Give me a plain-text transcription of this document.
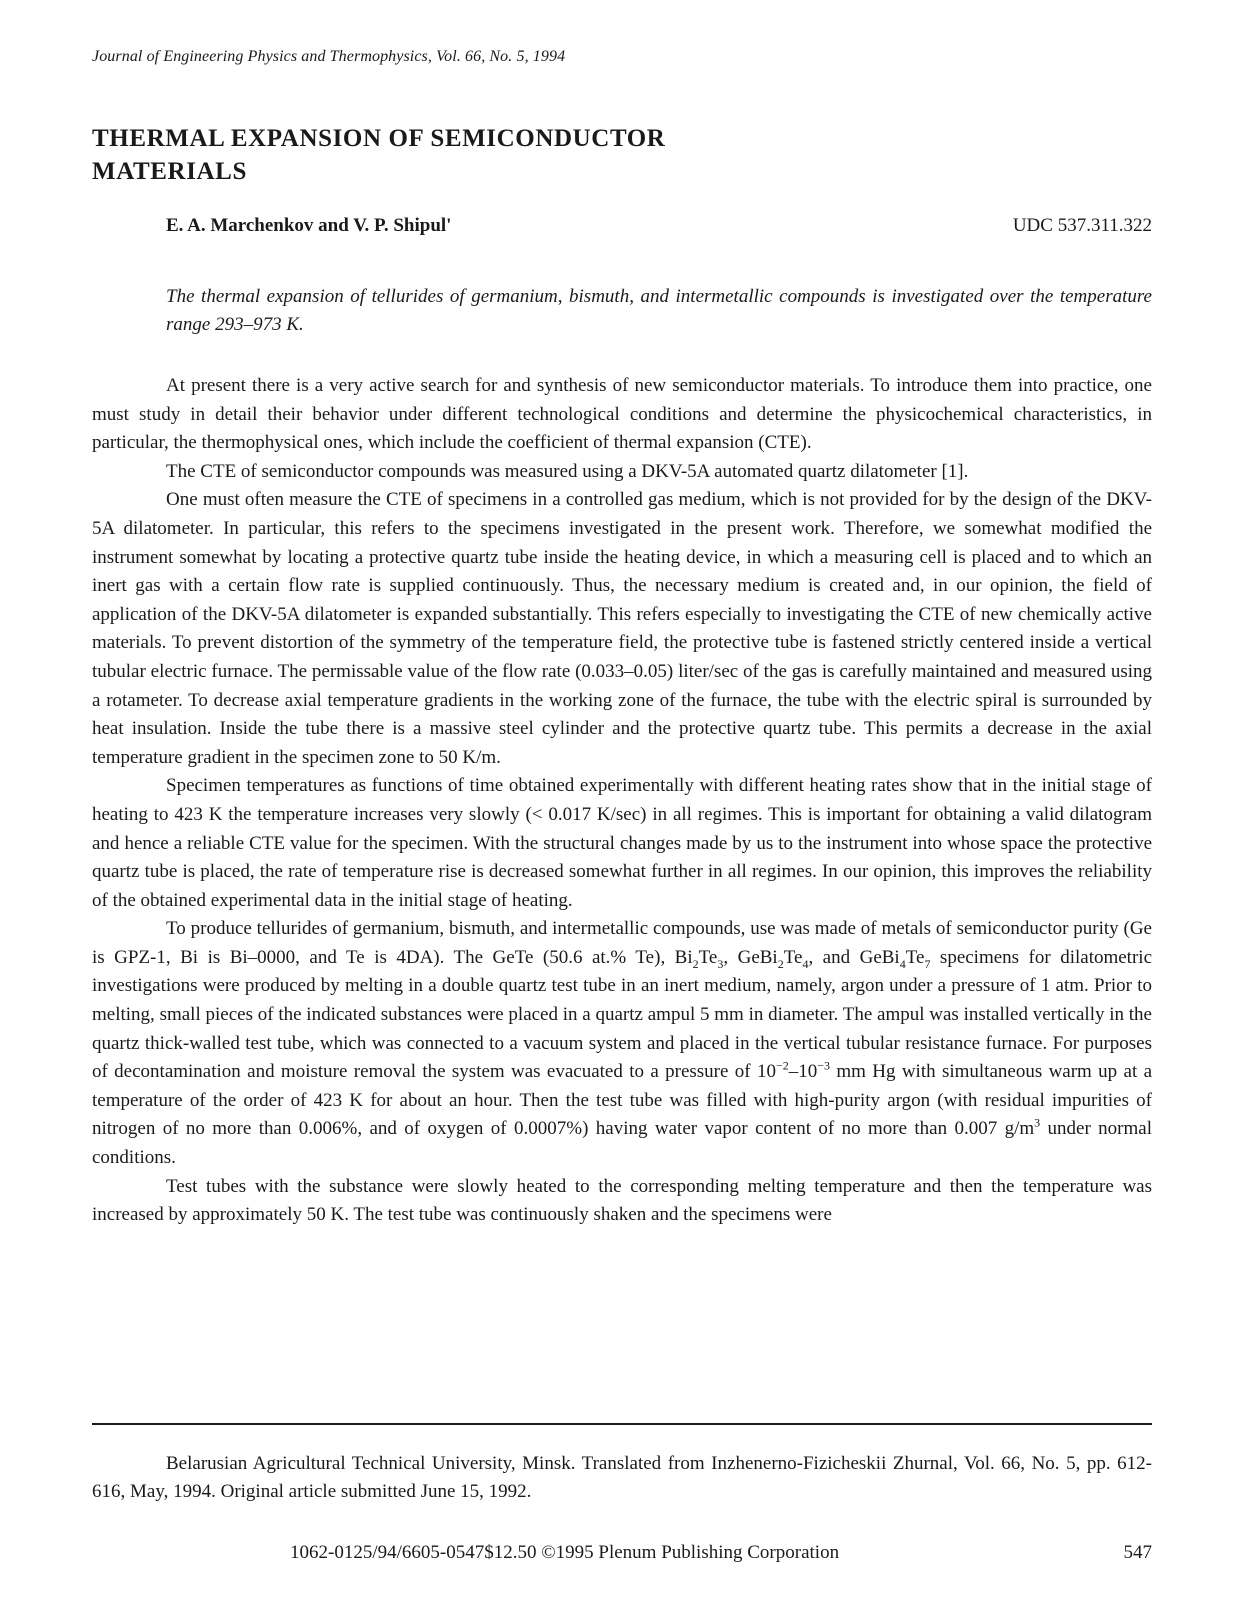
Journal of Engineering Physics and Thermophysics, Vol. 66, No. 5, 1994
THERMAL EXPANSION OF SEMICONDUCTOR
MATERIALS
E. A. Marchenkov and V. P. Shipul'	UDC 537.311.322

The thermal expansion of tellurides of germanium, bismuth, and intermetallic compounds is investigated over the temperature range 293–973 K.

At present there is a very active search for and synthesis of new semiconductor materials. To introduce them into practice, one must study in detail their behavior under different technological conditions and determine the physicochemical characteristics, in particular, the thermophysical ones, which include the coefficient of thermal expansion (CTE).

The CTE of semiconductor compounds was measured using a DKV-5A automated quartz dilatometer [1].

One must often measure the CTE of specimens in a controlled gas medium, which is not provided for by the design of the DKV-5A dilatometer. In particular, this refers to the specimens investigated in the present work. Therefore, we somewhat modified the instrument somewhat by locating a protective quartz tube inside the heating device, in which a measuring cell is placed and to which an inert gas with a certain flow rate is supplied continuously. Thus, the necessary medium is created and, in our opinion, the field of application of the DKV-5A dilatometer is expanded substantially. This refers especially to investigating the CTE of new chemically active materials. To prevent distortion of the symmetry of the temperature field, the protective tube is fastened strictly centered inside a vertical tubular electric furnace. The permissable value of the flow rate (0.033–0.05) liter/sec of the gas is carefully maintained and measured using a rotameter. To decrease axial temperature gradients in the working zone of the furnace, the tube with the electric spiral is surrounded by heat insulation. Inside the tube there is a massive steel cylinder and the protective quartz tube. This permits a decrease in the axial temperature gradient in the specimen zone to 50 K/m.

Specimen temperatures as functions of time obtained experimentally with different heating rates show that in the initial stage of heating to 423 K the temperature increases very slowly (< 0.017 K/sec) in all regimes. This is important for obtaining a valid dilatogram and hence a reliable CTE value for the specimen. With the structural changes made by us to the instrument into whose space the protective quartz tube is placed, the rate of temperature rise is decreased somewhat further in all regimes. In our opinion, this improves the reliability of the obtained experimental data in the initial stage of heating.

To produce tellurides of germanium, bismuth, and intermetallic compounds, use was made of metals of semiconductor purity (Ge is GPZ-1, Bi is Bi–0000, and Te is 4DA). The GeTe (50.6 at.% Te), $Bi_2Te_3$, $GeBi_2Te_4$, and $GeBi_4Te_7$ specimens for dilatometric investigations were produced by melting in a double quartz test tube in an inert medium, namely, argon under a pressure of 1 atm. Prior to melting, small pieces of the indicated substances were placed in a quartz ampul 5 mm in diameter. The ampul was installed vertically in the quartz thick-walled test tube, which was connected to a vacuum system and placed in the vertical tubular resistance furnace. For purposes of decontamination and moisture removal the system was evacuated to a pressure of $10^{-2}-10^{-3}$ mm Hg with simultaneous warm up at a temperature of the order of 423 K for about an hour. Then the test tube was filled with high-purity argon (with residual impurities of nitrogen of no more than 0.006%, and of oxygen of 0.0007%) having water vapor content of no more than 0.007 $g/m^3$ under normal conditions.

Test tubes with the substance were slowly heated to the corresponding melting temperature and then the temperature was increased by approximately 50 K. The test tube was continuously shaken and the specimens were

Belarusian Agricultural Technical University, Minsk. Translated from Inzhenerno-Fizicheskii Zhurnal, Vol. 66, No. 5, pp. 612-616, May, 1994. Original article submitted June 15, 1992.

1062-0125/94/6605-0547$12.50 ©1995 Plenum Publishing Corporation	547
